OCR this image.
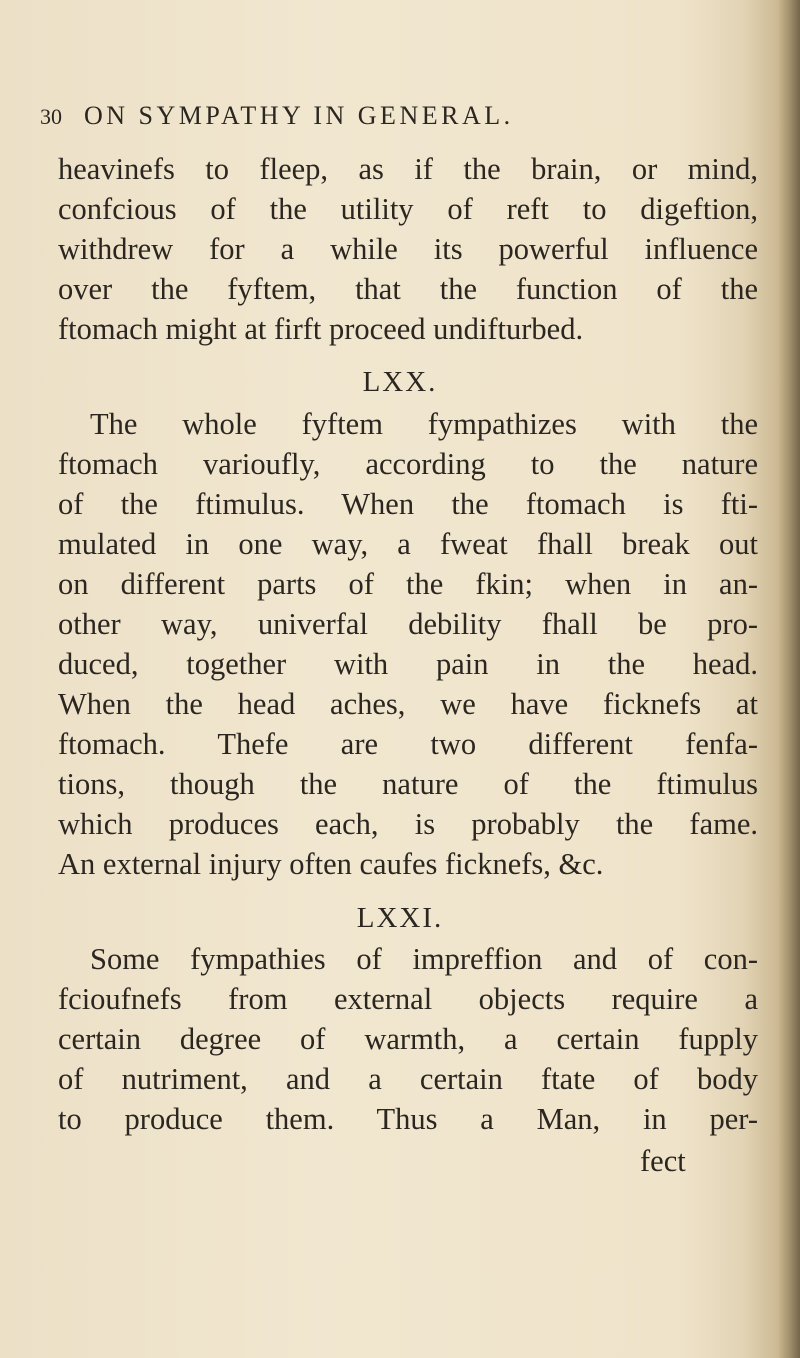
30 ON SYMPATHY IN GENERAL.
heavinefs to fleep, as if the brain, or mind,
confcious of the utility of reft to digeftion,
withdrew for a while its powerful influence
over the fyftem, that the function of the
ftomach might at firft proceed undifturbed.
LXX.
The whole fyftem fympathizes with the
ftomach varioufly, according to the nature
of the ftimulus. When the ftomach is fti-
mulated in one way, a fweat fhall break out
on different parts of the fkin; when in an-
other way, univerfal debility fhall be pro-
duced, together with pain in the head.
When the head aches, we have ficknefs at
ftomach. Thefe are two different fenfa-
tions, though the nature of the ftimulus
which produces each, is probably the fame.
An external injury often caufes ficknefs, &c.
LXXI.
Some fympathies of impreffion and of con-
fcioufnefs from external objects require a
certain degree of warmth, a certain fupply
of nutriment, and a certain ftate of body
to produce them. Thus a Man, in per-
fect
